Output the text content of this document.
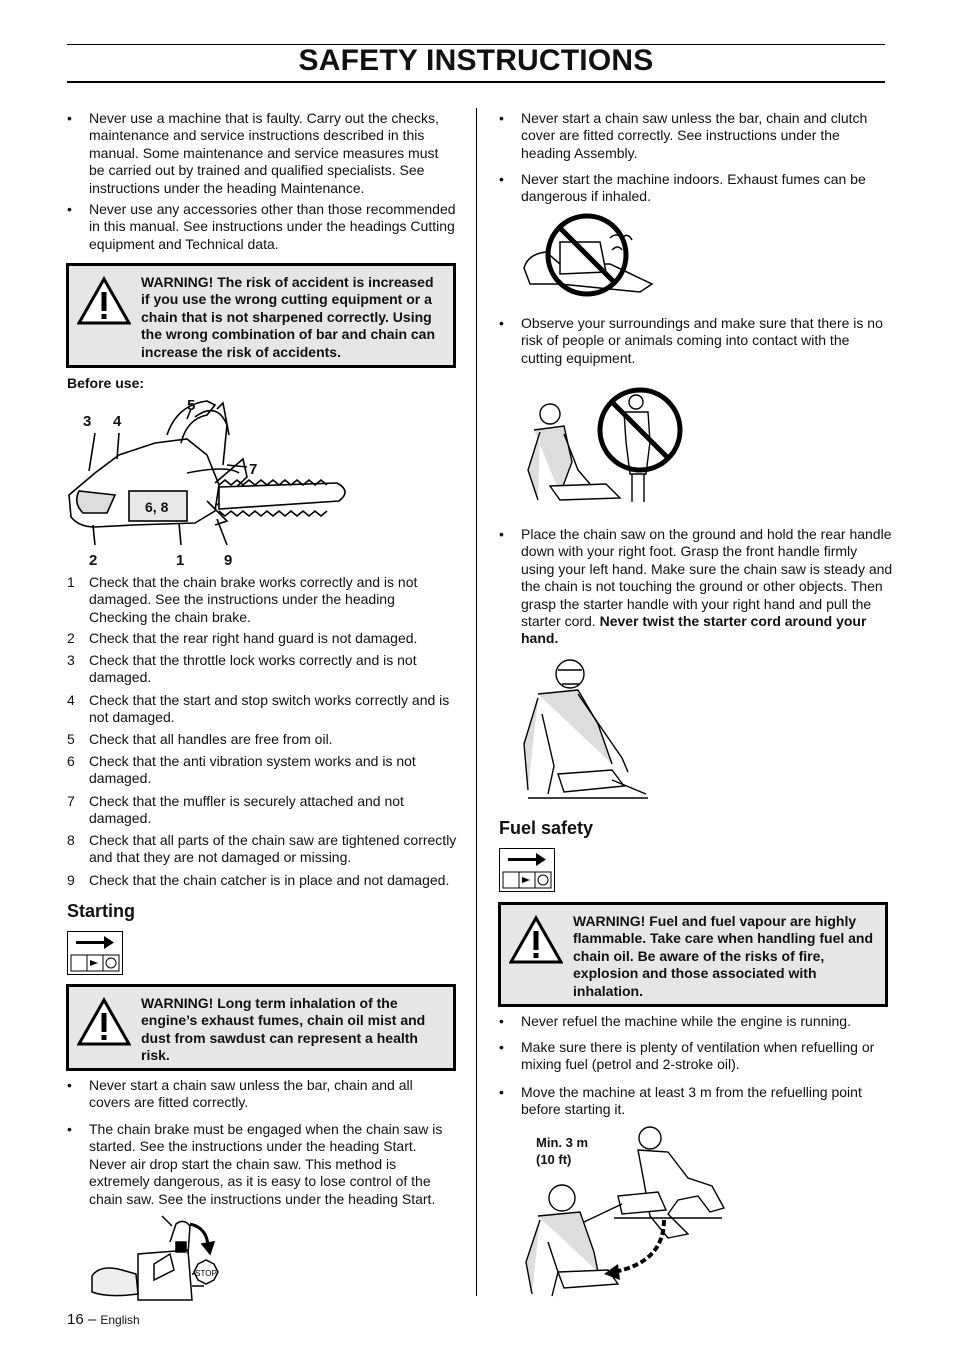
SAFETY INSTRUCTIONS
• Never use a machine that is faulty. Carry out the checks, maintenance and service instructions described in this manual. Some maintenance and service measures must be carried out by trained and qualified specialists. See instructions under the heading Maintenance.
• Never use any accessories other than those recommended in this manual. See instructions under the headings Cutting equipment and Technical data.
WARNING! The risk of accident is increased if you use the wrong cutting equipment or a chain that is not sharpened correctly. Using the wrong combination of bar and chain can increase the risk of accidents.
Before use:
3 4
5
7
6, 8
2	1	9
1 Check that the chain brake works correctly and is not damaged. See the instructions under the heading Checking the chain brake.
2 Check that the rear right hand guard is not damaged.
3 Check that the throttle lock works correctly and is not damaged.
4 Check that the start and stop switch works correctly and is not damaged.
5 Check that all handles are free from oil.
6 Check that the anti vibration system works and is not damaged.
7 Check that the muffler is securely attached and not damaged.
8 Check that all parts of the chain saw are tightened correctly and that they are not damaged or missing.
9 Check that the chain catcher is in place and not damaged.
Starting
WARNING! Long term inhalation of the engine’s exhaust fumes, chain oil mist and dust from sawdust can represent a health risk.
• Never start a chain saw unless the bar, chain and all covers are fitted correctly.
• The chain brake must be engaged when the chain saw is started. See the instructions under the heading Start. Never air drop start the chain saw. This method is extremely dangerous, as it is easy to lose control of the chain saw. See the instructions under the heading Start.
STOP
• Never start a chain saw unless the bar, chain and clutch cover are fitted correctly. See instructions under the heading Assembly.
• Never start the machine indoors. Exhaust fumes can be dangerous if inhaled.
• Observe your surroundings and make sure that there is no risk of people or animals coming into contact with the cutting equipment.
• Place the chain saw on the ground and hold the rear handle down with your right foot. Grasp the front handle firmly using your left hand. Make sure the chain saw is steady and the chain is not touching the ground or other objects. Then grasp the starter handle with your right hand and pull the starter cord. Never twist the starter cord around your hand.
Fuel safety
WARNING! Fuel and fuel vapour are highly flammable. Take care when handling fuel and chain oil. Be aware of the risks of fire, explosion and those associated with inhalation.
• Never refuel the machine while the engine is running.
• Make sure there is plenty of ventilation when refuelling or mixing fuel (petrol and 2-stroke oil).
• Move the machine at least 3 m from the refuelling point before starting it.
Min. 3 m
(10 ft)
16 – English
